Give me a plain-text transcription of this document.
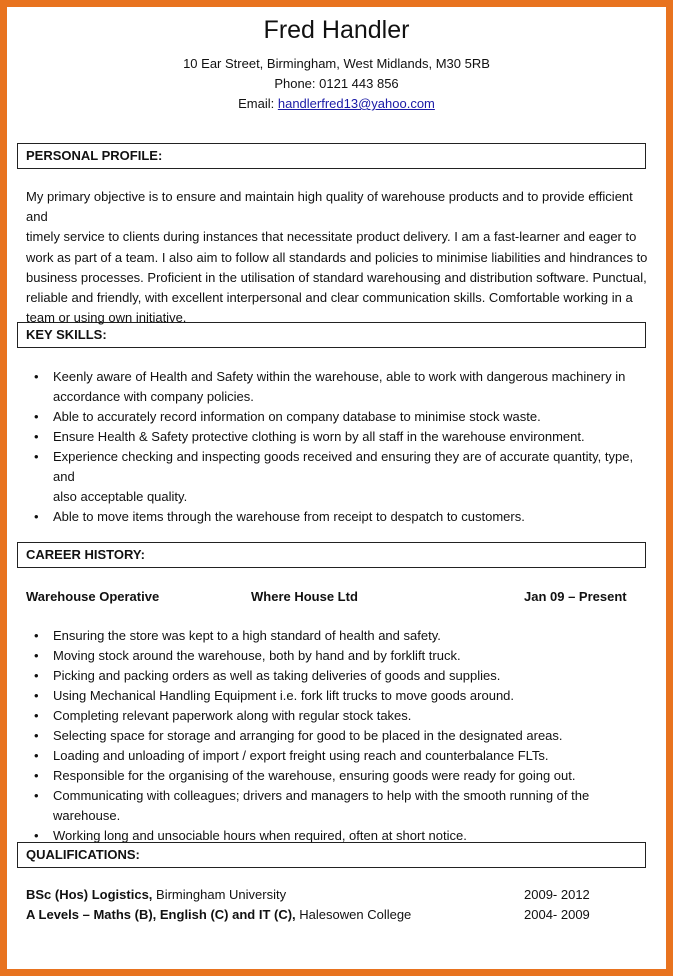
Fred Handler
10 Ear Street, Birmingham, West Midlands, M30 5RB
Phone: 0121 443 856
Email: handlerfred13@yahoo.com
PERSONAL PROFILE:
My primary objective is to ensure and maintain high quality of warehouse products and to provide efficient and
timely service to clients during instances that necessitate product delivery. I am a fast-learner and eager to
work as part of a team. I also aim to follow all standards and policies to minimise liabilities and hindrances to
business processes. Proficient in the utilisation of standard warehousing and distribution software. Punctual,
reliable and friendly, with excellent interpersonal and clear communication skills. Comfortable working in a
team or using own initiative.
KEY SKILLS:
• Keenly aware of Health and Safety within the warehouse, able to work with dangerous machinery in
accordance with company policies.
• Able to accurately record information on company database to minimise stock waste.
• Ensure Health & Safety protective clothing is worn by all staff in the warehouse environment.
• Experience checking and inspecting goods received and ensuring they are of accurate quantity, type, and
also acceptable quality.
• Able to move items through the warehouse from receipt to despatch to customers.
CAREER HISTORY:
Warehouse Operative	Where House Ltd	Jan 09 – Present
• Ensuring the store was kept to a high standard of health and safety.
• Moving stock around the warehouse, both by hand and by forklift truck.
• Picking and packing orders as well as taking deliveries of goods and supplies.
• Using Mechanical Handling Equipment i.e. fork lift trucks to move goods around.
• Completing relevant paperwork along with regular stock takes.
• Selecting space for storage and arranging for good to be placed in the designated areas.
• Loading and unloading of import / export freight using reach and counterbalance FLTs.
• Responsible for the organising of the warehouse, ensuring goods were ready for going out.
• Communicating with colleagues; drivers and managers to help with the smooth running of the warehouse.
• Working long and unsociable hours when required, often at short notice.
QUALIFICATIONS:
BSc (Hos) Logistics, Birmingham University	2009- 2012
A Levels – Maths (B), English (C) and IT (C), Halesowen College	2004- 2009
